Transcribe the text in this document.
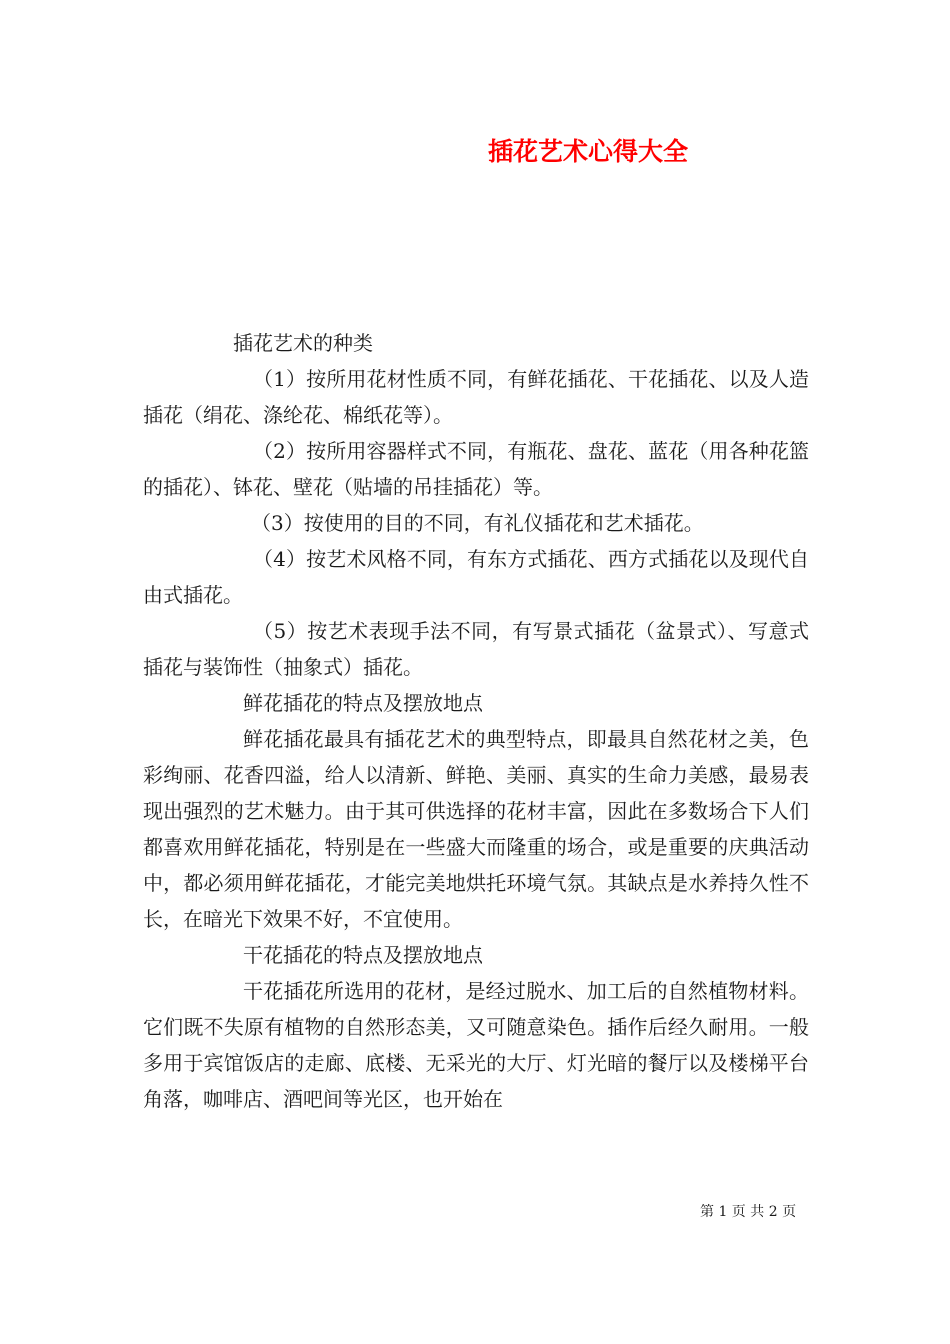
插花艺术心得大全

插花艺术的种类

（1）按所用花材性质不同，有鲜花插花、干花插花、以及人造插花（绢花、涤纶花、棉纸花等）。

（2）按所用容器样式不同，有瓶花、盘花、蓝花（用各种花篮的插花）、钵花、壁花（贴墙的吊挂插花）等。

（3）按使用的目的不同，有礼仪插花和艺术插花。

（4）按艺术风格不同，有东方式插花、西方式插花以及现代自由式插花。

（5）按艺术表现手法不同，有写景式插花（盆景式）、写意式插花与装饰性（抽象式）插花。

鲜花插花的特点及摆放地点

鲜花插花最具有插花艺术的典型特点，即最具自然花材之美，色彩绚丽、花香四溢，给人以清新、鲜艳、美丽、真实的生命力美感，最易表现出强烈的艺术魅力。由于其可供选择的花材丰富，因此在多数场合下人们都喜欢用鲜花插花，特别是在一些盛大而隆重的场合，或是重要的庆典活动中，都必须用鲜花插花，才能完美地烘托环境气氛。其缺点是水养持久性不长，在暗光下效果不好，不宜使用。

干花插花的特点及摆放地点

干花插花所选用的花材，是经过脱水、加工后的自然植物材料。它们既不失原有植物的自然形态美，又可随意染色。插作后经久耐用。一般多用于宾馆饭店的走廊、底楼、无采光的大厅、灯光暗的餐厅以及楼梯平台角落，咖啡店、酒吧间等光区，也开始在

第 1 页 共 2 页
